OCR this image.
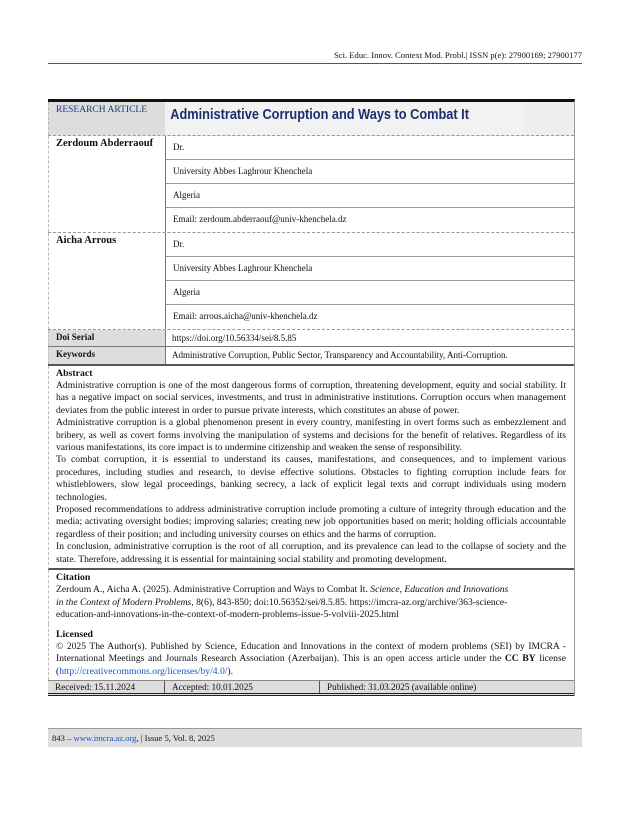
Sci. Educ. Innov. Context Mod. Probl.| ISSN p(e): 27900169; 27900177
RESEARCH ARTICLE	Administrative Corruption and Ways to Combat It
Zerdoum Abderraouf	Dr.
University Abbes Laghrour Khenchela
Algeria
Email: zerdoum.abderraouf@univ-khenchela.dz
Aicha Arrous	Dr.
University Abbes Laghrour Khenchela
Algeria
Email: arrous.aicha@univ-khenchela.dz
Doi Serial	https://doi.org/10.56334/sei/8.5.85
Keywords	Administrative Corruption, Public Sector, Transparency and Accountability, Anti-Corruption.
Abstract

Administrative corruption is one of the most dangerous forms of corruption, threatening development, equity and social stability. It has a negative impact on social services, investments, and trust in administrative institutions. Corruption occurs when management deviates from the public interest in order to pursue private interests, which constitutes an abuse of power.

Administrative corruption is a global phenomenon present in every country, manifesting in overt forms such as embezzlement and bribery, as well as covert forms involving the manipulation of systems and decisions for the benefit of relatives. Regardless of its various manifestations, its core impact is to undermine citizenship and weaken the sense of responsibility.

To combat corruption, it is essential to understand its causes, manifestations, and consequences, and to implement various procedures, including studies and research, to devise effective solutions. Obstacles to fighting corruption include fears for whistleblowers, slow legal proceedings, banking secrecy, a lack of explicit legal texts and corrupt individuals using modern technologies.

Proposed recommendations to address administrative corruption include promoting a culture of integrity through education and the media; activating oversight bodies; improving salaries; creating new job opportunities based on merit; holding officials accountable regardless of their position; and including university courses on ethics and the harms of corruption.

In conclusion, administrative corruption is the root of all corruption, and its prevalence can lead to the collapse of society and the state. Therefore, addressing it is essential for maintaining social stability and promoting development.

Citation

Zerdoum A., Aicha A. (2025). Administrative Corruption and Ways to Combat It. Science, Education and Innovations in the Context of Modern Problems, 8(6), 843-850; doi:10.56352/sei/8.5.85. https://imcra-az.org/archive/363-science-education-and-innovations-in-the-context-of-modern-problems-issue-5-volviii-2025.html

Licensed

© 2025 The Author(s). Published by Science, Education and Innovations in the context of modern problems (SEI) by IMCRA - International Meetings and Journals Research Association (Azerbaijan). This is an open access article under the CC BY license (http://creativecommons.org/licenses/by/4.0/).

Received: 15.11.2024	Accepted: 10.01.2025	Published: 31.03.2025 (available online)
843 – www.imcra.az.org, | Issue 5, Vol. 8, 2025
